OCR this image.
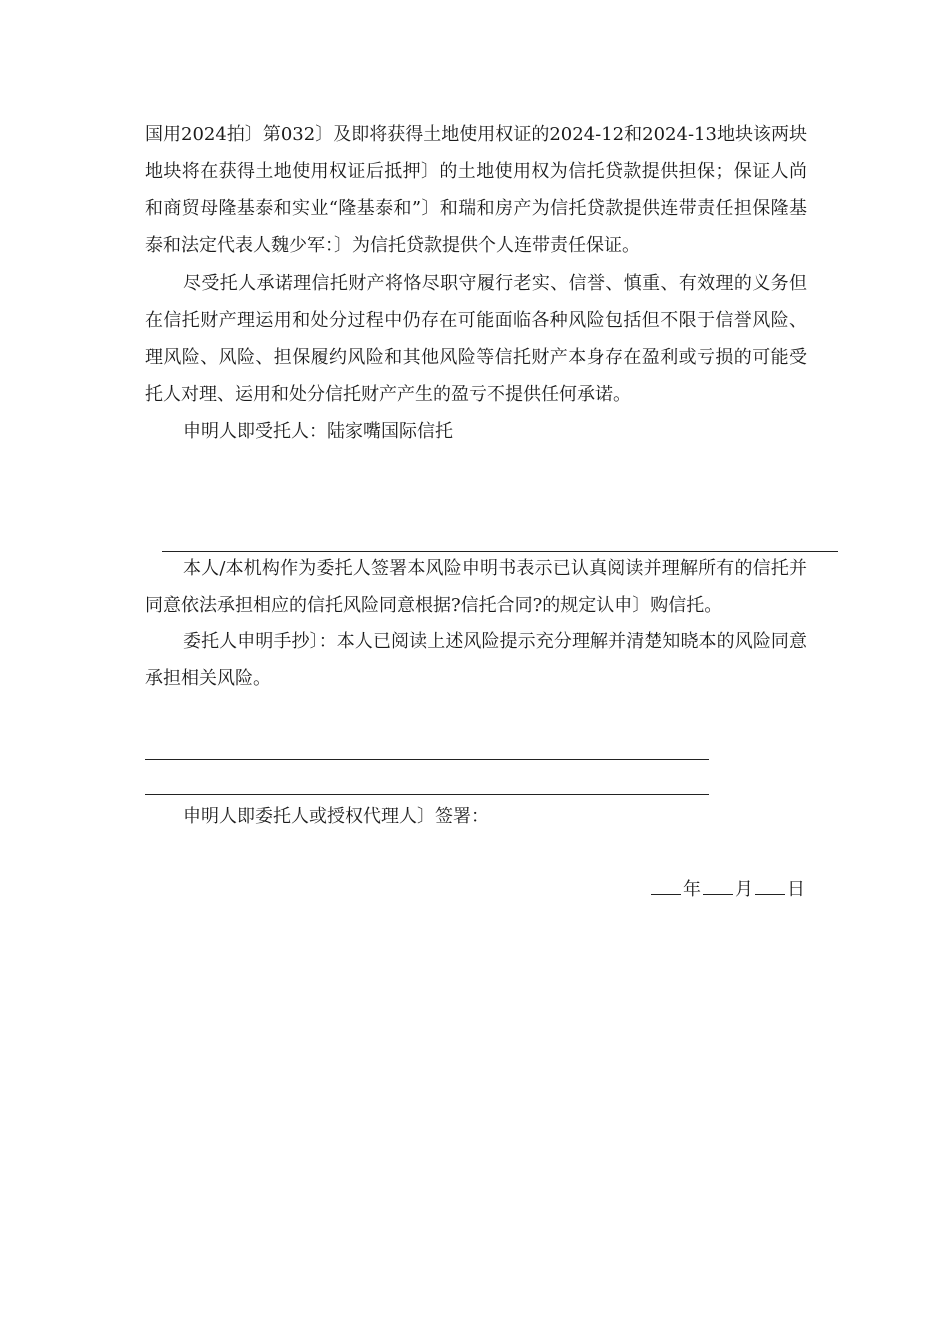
国用2024拍〕第032〕及即将获得土地使用权证的2024-12和2024-13地块该两块地块将在获得土地使用权证后抵押〕的土地使用权为信托贷款提供担保；保证人尚和商贸母隆基泰和实业“隆基泰和”〕和瑞和房产为信托贷款提供连带责任担保隆基泰和法定代表人魏少军：〕为信托贷款提供个人连带责任保证。

尽受托人承诺理信托财产将恪尽职守履行老实、信誉、慎重、有效理的义务但在信托财产理运用和处分过程中仍存在可能面临各种风险包括但不限于信誉风险、理风险、风险、担保履约风险和其他风险等信托财产本身存在盈利或亏损的可能受托人对理、运用和处分信托财产产生的盈亏不提供任何承诺。

申明人即受托人：陆家嘴国际信托

本人/本机构作为委托人签署本风险申明书表示已认真阅读并理解所有的信托并同意依法承担相应的信托风险同意根据?信托合同?的规定认申〕购信托。

委托人申明手抄〕：本人已阅读上述风险提示充分理解并清楚知晓本的风险同意承担相关风险。

申明人即委托人或授权代理人〕签署：

年 月 日
